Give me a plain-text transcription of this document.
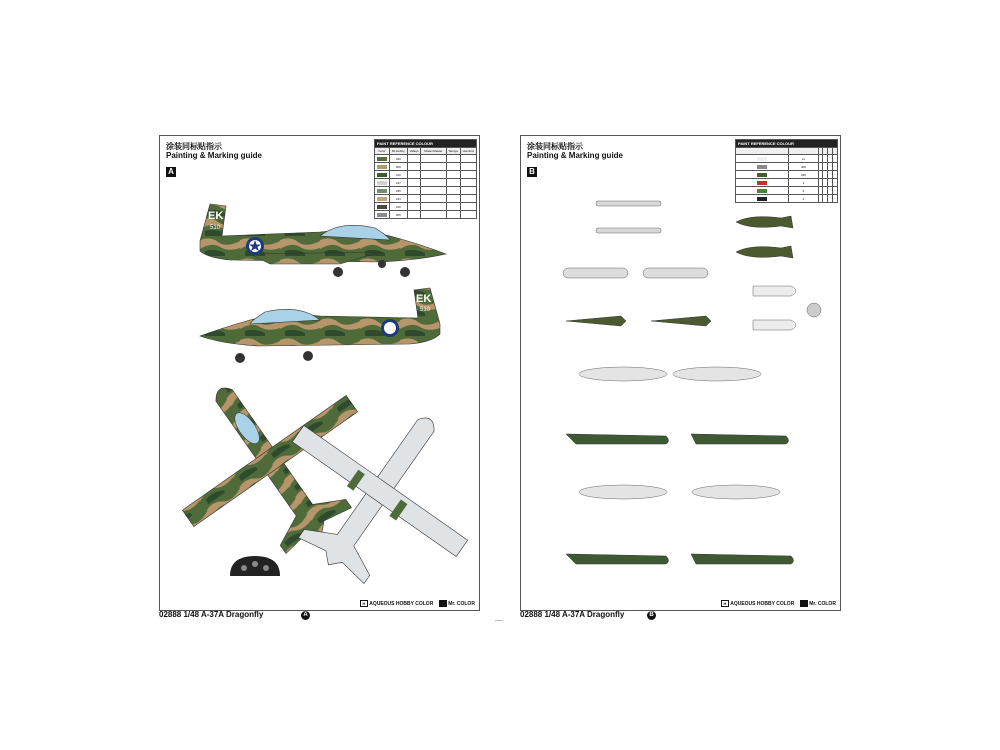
涂装同标贴指示
Painting & Marking guide
A
PAINT REFERENCE COLOUR					
Color	Mr.Hobby	Vallejo	Model Master	Tamiya	Humbrol
	340				
	309				
	310				
	317				
	335				
	313				
	316				
	305				
EK
510
EK
510
H AQUEOUS HOBBY COLOR	Mr. COLOR
涂装同标贴指示
Painting & Marking guide
B
PAINT REFERENCE COLOUR					

	11				
	305				
	340				
	3				
	6				
	2				
H AQUEOUS HOBBY COLOR	Mr. COLOR
02888 1/48 A-37A Dragonfly	A	02888 1/48 A-37A Dragonfly	B
